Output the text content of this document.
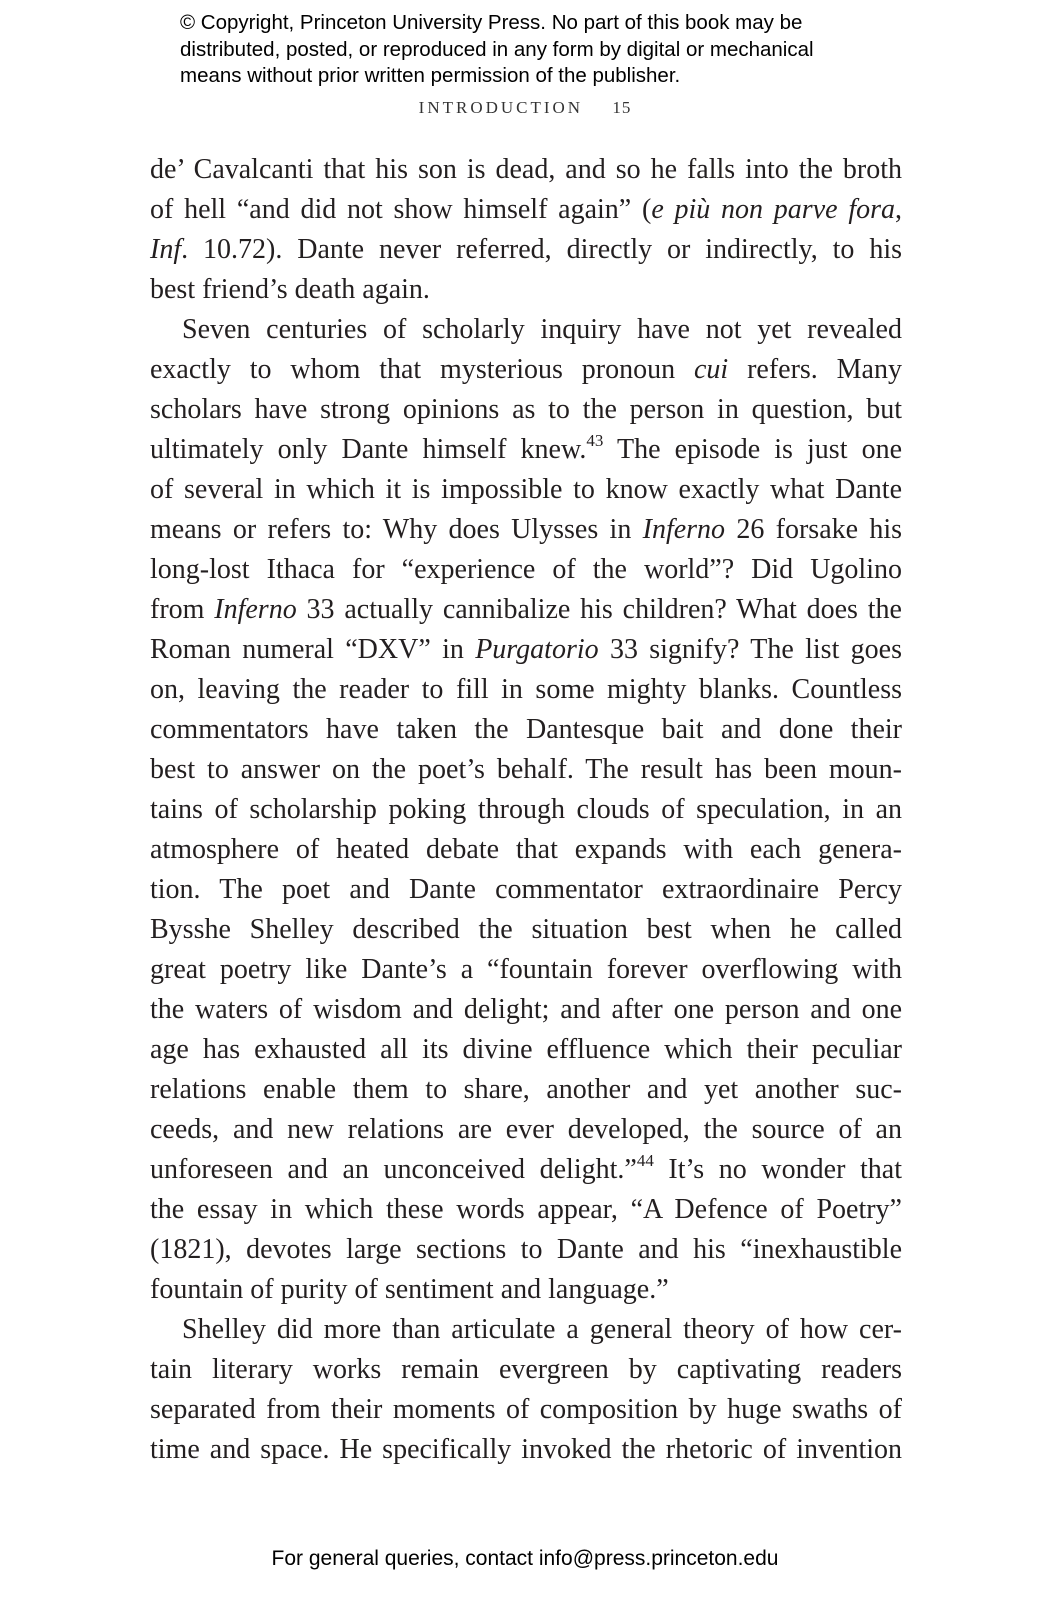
© Copyright, Princeton University Press. No part of this book may be
distributed, posted, or reproduced in any form by digital or mechanical
means without prior written permission of the publisher.
INTRODUCTION 15
de’ Cavalcanti that his son is dead, and so he falls into the broth
of hell “and did not show himself again” (e più non parve fora,
Inf. 10.72). Dante never referred, directly or indirectly, to his
best friend’s death again.
Seven centuries of scholarly inquiry have not yet revealed
exactly to whom that mysterious pronoun cui refers. Many
scholars have strong opinions as to the person in question, but
ultimately only Dante himself knew.$^{43}$ The episode is just one
of several in which it is impossible to know exactly what Dante
means or refers to: Why does Ulysses in Inferno 26 forsake his
long-lost Ithaca for “experience of the world”? Did Ugolino
from Inferno 33 actually cannibalize his children? What does the
Roman numeral “DXV” in Purgatorio 33 signify? The list goes
on, leaving the reader to fill in some mighty blanks. Countless
commentators have taken the Dantesque bait and done their
best to answer on the poet’s behalf. The result has been moun-
tains of scholarship poking through clouds of speculation, in an
atmosphere of heated debate that expands with each genera-
tion. The poet and Dante commentator extraordinaire Percy
Bysshe Shelley described the situation best when he called
great poetry like Dante’s a “fountain forever overflowing with
the waters of wisdom and delight; and after one person and one
age has exhausted all its divine effluence which their peculiar
relations enable them to share, another and yet another suc-
ceeds, and new relations are ever developed, the source of an
unforeseen and an unconceived delight.”$^{44}$ It’s no wonder that
the essay in which these words appear, “A Defence of Poetry”
(1821), devotes large sections to Dante and his “inexhaustible
fountain of purity of sentiment and language.”
Shelley did more than articulate a general theory of how cer-
tain literary works remain evergreen by captivating readers
separated from their moments of composition by huge swaths of
time and space. He specifically invoked the rhetoric of invention
For general queries, contact info@press.princeton.edu
